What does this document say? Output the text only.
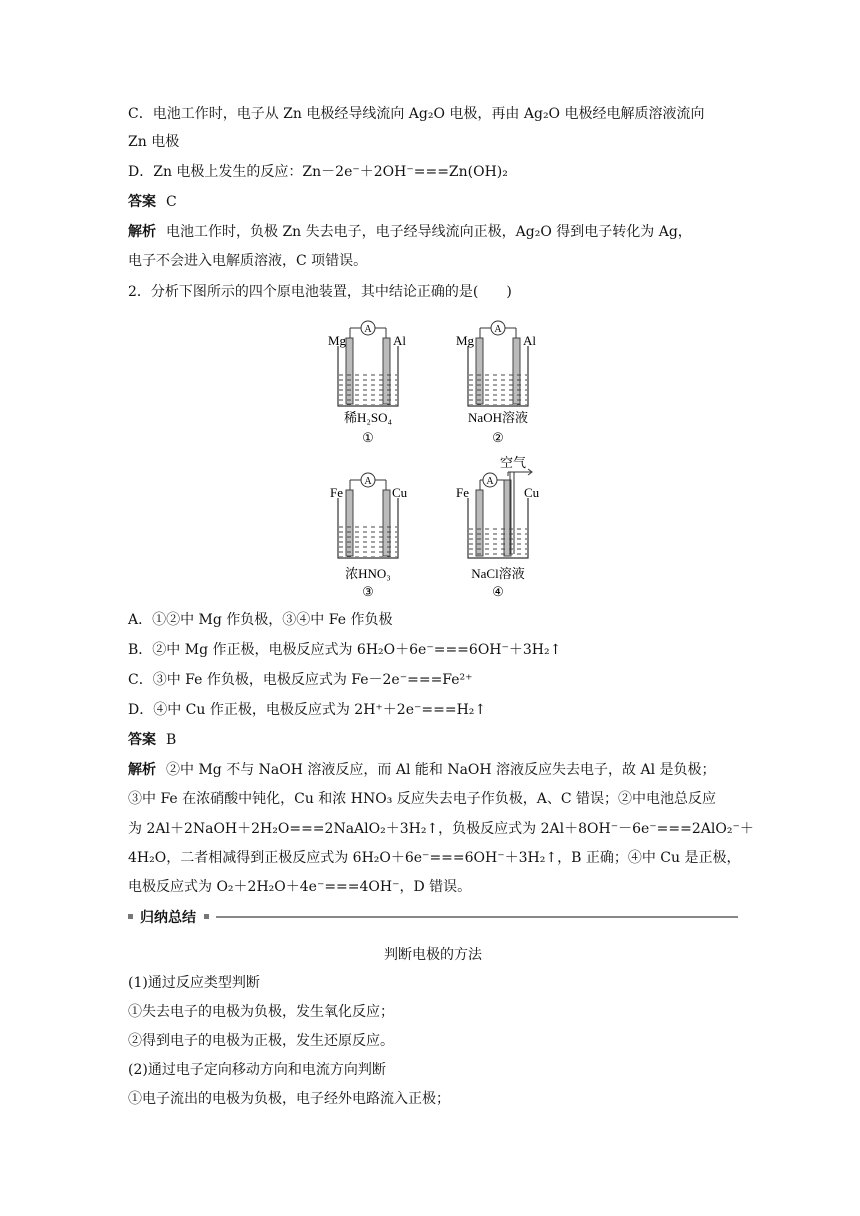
C．电池工作时，电子从 Zn 电极经导线流向 Ag₂O 电极，再由 Ag₂O 电极经电解质溶液流向
Zn 电极
D．Zn 电极上发生的反应：Zn－2e⁻＋2OH⁻===Zn(OH)₂
答案 C
解析 电池工作时，负极 Zn 失去电子，电子经导线流向正极，Ag₂O 得到电子转化为 Ag，
电子不会进入电解质溶液，C 项错误。
2．分析下图所示的四个原电池装置，其中结论正确的是(　　)
A
Mg	Al
稀H₂SO₄
①
A
Mg	Al
NaOH溶液
②
A
Fe	Cu
浓HNO₃
③
空气
A
Fe	Cu
NaCl溶液
④
A．①②中 Mg 作负极，③④中 Fe 作负极
B．②中 Mg 作正极，电极反应式为 6H₂O＋6e⁻===6OH⁻＋3H₂↑
C．③中 Fe 作负极，电极反应式为 Fe－2e⁻===Fe²⁺
D．④中 Cu 作正极，电极反应式为 2H⁺＋2e⁻===H₂↑
答案 B
解析 ②中 Mg 不与 NaOH 溶液反应，而 Al 能和 NaOH 溶液反应失去电子，故 Al 是负极；
③中 Fe 在浓硝酸中钝化，Cu 和浓 HNO₃ 反应失去电子作负极，A、C 错误；②中电池总反应
为 2Al＋2NaOH＋2H₂O===2NaAlO₂＋3H₂↑，负极反应式为 2Al＋8OH⁻－6e⁻===2AlO₂⁻＋
4H₂O，二者相减得到正极反应式为 6H₂O＋6e⁻===6OH⁻＋3H₂↑，B 正确；④中 Cu 是正极，
电极反应式为 O₂＋2H₂O＋4e⁻===4OH⁻，D 错误。
归纳总结
判断电极的方法
(1)通过反应类型判断
①失去电子的电极为负极，发生氧化反应；
②得到电子的电极为正极，发生还原反应。
(2)通过电子定向移动方向和电流方向判断
①电子流出的电极为负极，电子经外电路流入正极；
